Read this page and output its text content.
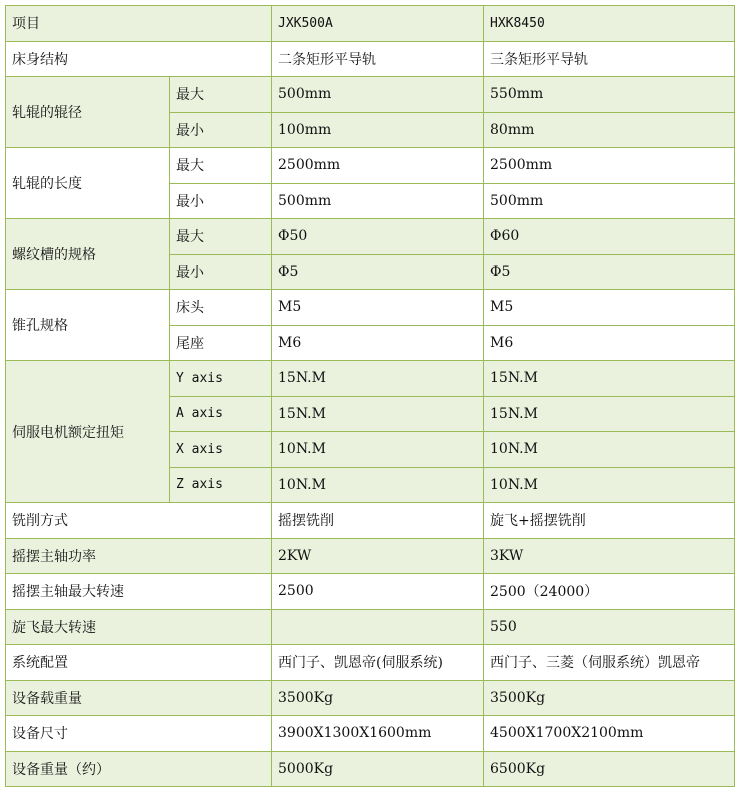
项目		JXK500A	HXK8450
床身结构		二条矩形平导轨	三条矩形平导轨
轧辊的辊径	最大	500mm	550mm
	最小	100mm	80mm
轧辊的长度	最大	2500mm	2500mm
	最小	500mm	500mm
螺纹槽的规格	最大	Φ50	Φ60
	最小	Φ5	Φ5
锥孔规格	床头	M5	M5
	尾座	M6	M6
伺服电机额定扭矩	Y axis	15N.M	15N.M
	A axis	15N.M	15N.M
	X axis	10N.M	10N.M
	Z axis	10N.M	10N.M
铣削方式		摇摆铣削	旋飞+摇摆铣削
摇摆主轴功率		2KW	3KW
摇摆主轴最大转速		2500	2500（24000）
旋飞最大转速			550
系统配置		西门子、凯恩帝(伺服系统)	西门子、三菱（伺服系统）凯恩帝
设备载重量		3500Kg	3500Kg
设备尺寸		3900X1300X1600mm	4500X1700X2100mm
设备重量（约）		5000Kg	6500Kg
